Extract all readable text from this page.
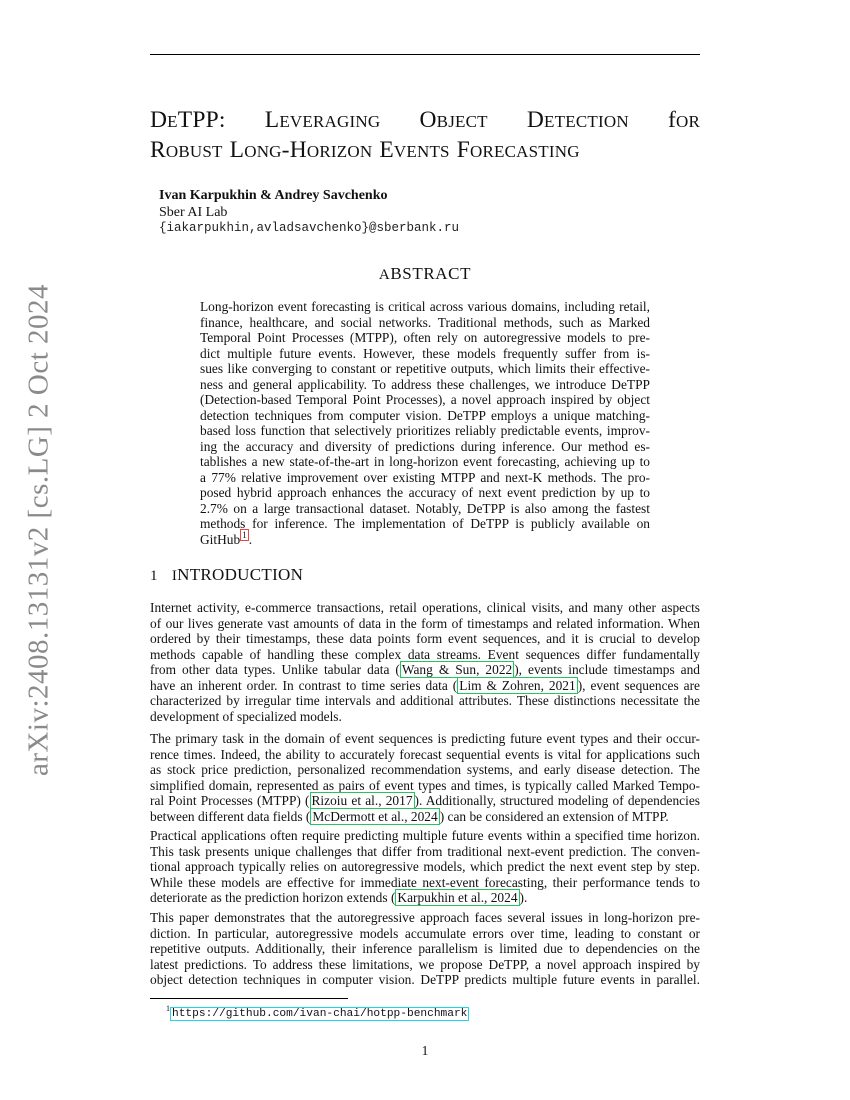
arXiv:2408.13131v2 [cs.LG] 2 Oct 2024
DETPP: LEVERAGING OBJECT DETECTION fOR
ROBUST LONG-HORIZON EVENTS FORECASTING
Ivan Karpukhin & Andrey Savchenko
Sber AI Lab
{iakarpukhin,avladsavchenko}@sberbank.ru
ABSTRACT
Long-horizon event forecasting is critical across various domains, including retail,
finance, healthcare, and social networks. Traditional methods, such as Marked
Temporal Point Processes (MTPP), often rely on autoregressive models to pre-
dict multiple future events. However, these models frequently suffer from is-
sues like converging to constant or repetitive outputs, which limits their effective-
ness and general applicability. To address these challenges, we introduce DeTPP
(Detection-based Temporal Point Processes), a novel approach inspired by object
detection techniques from computer vision. DeTPP employs a unique matching-
based loss function that selectively prioritizes reliably predictable events, improv-
ing the accuracy and diversity of predictions during inference. Our method es-
tablishes a new state-of-the-art in long-horizon event forecasting, achieving up to
a 77% relative improvement over existing MTPP and next-K methods. The pro-
posed hybrid approach enhances the accuracy of next event prediction by up to
2.7% on a large transactional dataset. Notably, DeTPP is also among the fastest
methods for inference. The implementation of DeTPP is publicly available on
GitHub $^1$ .
1 INTRODUCTION
Internet activity, e-commerce transactions, retail operations, clinical visits, and many other aspects
of our lives generate vast amounts of data in the form of timestamps and related information. When
ordered by their timestamps, these data points form event sequences, and it is crucial to develop
methods capable of handling these complex data streams. Event sequences differ fundamentally
from other data types. Unlike tabular data ( Wang & Sun, 2022 ), events include timestamps and
have an inherent order. In contrast to time series data ( Lim & Zohren, 2021 ), event sequences are
characterized by irregular time intervals and additional attributes. These distinctions necessitate the
development of specialized models.
The primary task in the domain of event sequences is predicting future event types and their occur-
rence times. Indeed, the ability to accurately forecast sequential events is vital for applications such
as stock price prediction, personalized recommendation systems, and early disease detection. The
simplified domain, represented as pairs of event types and times, is typically called Marked Tempo-
ral Point Processes (MTPP) ( Rizoiu et al., 2017 ). Additionally, structured modeling of dependencies
between different data fields ( McDermott et al., 2024 ) can be considered an extension of MTPP.
Practical applications often require predicting multiple future events within a specified time horizon.
This task presents unique challenges that differ from traditional next-event prediction. The conven-
tional approach typically relies on autoregressive models, which predict the next event step by step.
While these models are effective for immediate next-event forecasting, their performance tends to
deteriorate as the prediction horizon extends ( Karpukhin et al., 2024 ).
This paper demonstrates that the autoregressive approach faces several issues in long-horizon pre-
diction. In particular, autoregressive models accumulate errors over time, leading to constant or
repetitive outputs. Additionally, their inference parallelism is limited due to dependencies on the
latest predictions. To address these limitations, we propose DeTPP, a novel approach inspired by
object detection techniques in computer vision. DeTPP predicts multiple future events in parallel.
$^1$ https://github.com/ivan-chai/hotpp-benchmark
1
